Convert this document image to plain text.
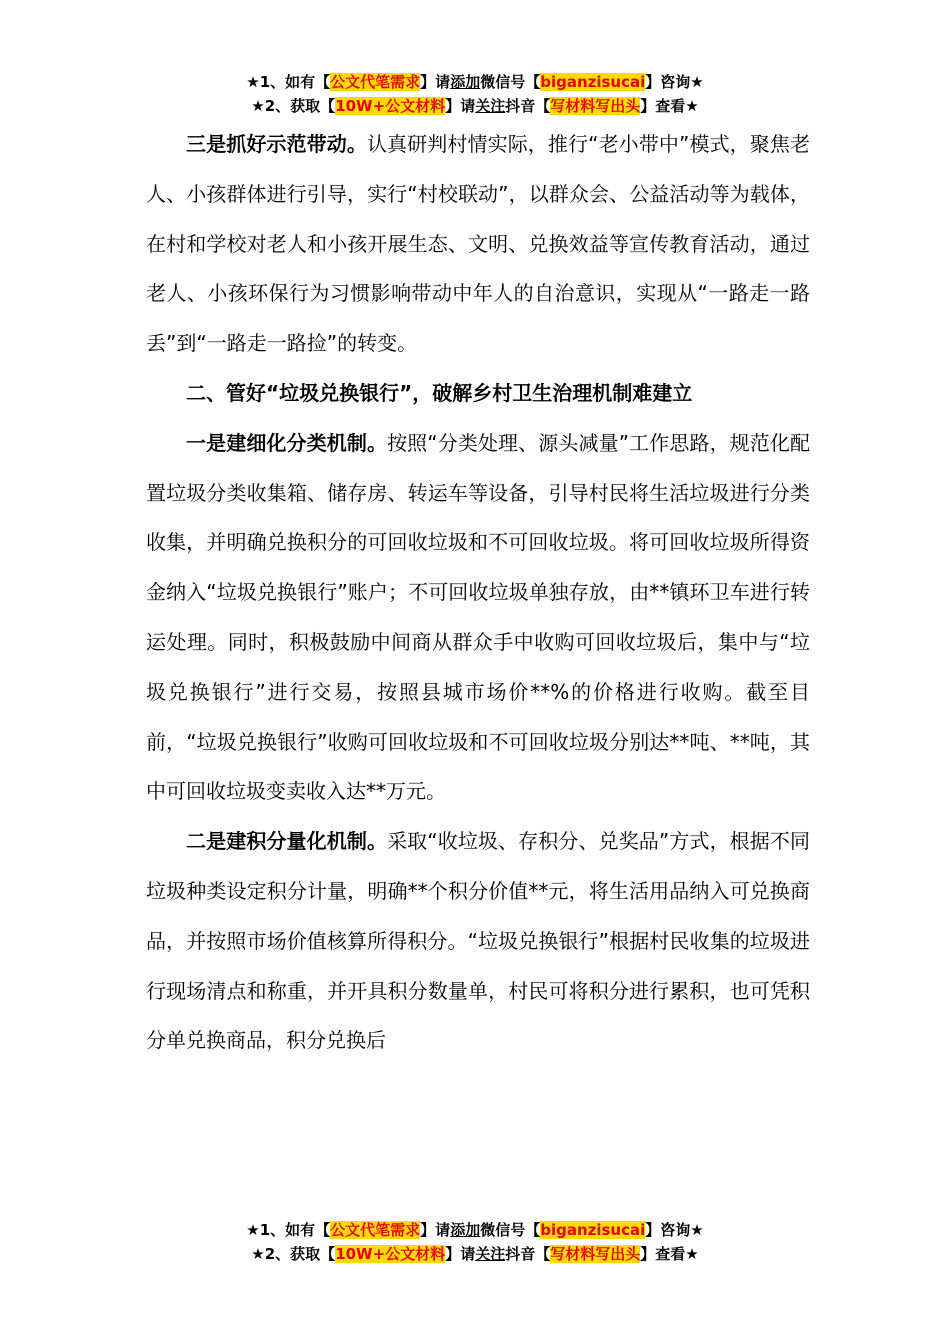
★1、如有【公文代笔需求】请添加微信号【biganzisucai】咨询★
★2、获取【10W+公文材料】请关注抖音【写材料写出头】查看★

三是抓好示范带动。认真研判村情实际，推行“老小带中”模式，聚焦老人、小孩群体进行引导，实行“村校联动”，以群众会、公益活动等为载体，在村和学校对老人和小孩开展生态、文明、兑换效益等宣传教育活动，通过老人、小孩环保行为习惯影响带动中年人的自治意识，实现从“一路走一路丢”到“一路走一路捡”的转变。

二、管好“垃圾兑换银行”，破解乡村卫生治理机制难建立

一是建细化分类机制。按照“分类处理、源头减量”工作思路，规范化配置垃圾分类收集箱、储存房、转运车等设备，引导村民将生活垃圾进行分类收集，并明确兑换积分的可回收垃圾和不可回收垃圾。将可回收垃圾所得资金纳入“垃圾兑换银行”账户；不可回收垃圾单独存放，由**镇环卫车进行转运处理。同时，积极鼓励中间商从群众手中收购可回收垃圾后，集中与“垃圾兑换银行”进行交易，按照县城市场价**%的价格进行收购。截至目前，“垃圾兑换银行”收购可回收垃圾和不可回收垃圾分别达**吨、**吨，其中可回收垃圾变卖收入达**万元。

二是建积分量化机制。采取“收垃圾、存积分、兑奖品”方式，根据不同垃圾种类设定积分计量，明确**个积分价值**元，将生活用品纳入可兑换商品，并按照市场价值核算所得积分。“垃圾兑换银行”根据村民收集的垃圾进行现场清点和称重，并开具积分数量单，村民可将积分进行累积，也可凭积分单兑换商品，积分兑换后

★1、如有【公文代笔需求】请添加微信号【biganzisucai】咨询★
★2、获取【10W+公文材料】请关注抖音【写材料写出头】查看★
